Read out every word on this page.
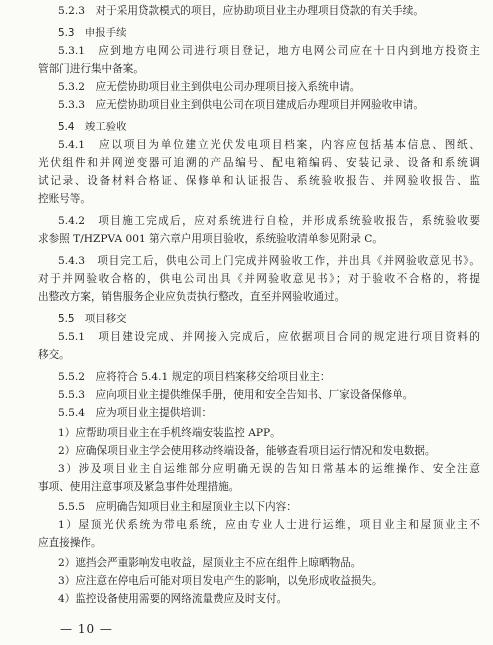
5.2.3　对于采用贷款模式的项目，应协助项目业主办理项目贷款的有关手续。
5.3　申报手续
5.3.1　应到地方电网公司进行项目登记，地方电网公司应在十日内到地方投资主
管部门进行集中备案。
5.3.2　应无偿协助项目业主到供电公司办理项目接入系统申请。
5.3.3　应无偿协助项目业主到供电公司在项目建成后办理项目并网验收申请。
5.4　竣工验收
5.4.1　应以项目为单位建立光伏发电项目档案，内容应包括基本信息、图纸、
光伏组件和并网逆变器可追溯的产品编号、配电箱编码、安装记录、设备和系统调
试记录、设备材料合格证、保修单和认证报告、系统验收报告、并网验收报告、监
控账号等。
5.4.2　项目施工完成后，应对系统进行自检，并形成系统验收报告，系统验收要
求参照 T/HZPVA 001 第六章户用项目验收，系统验收清单参见附录 C。
5.4.3　项目完工后，供电公司上门完成并网验收工作，并出具《并网验收意见书》。
对于并网验收合格的，供电公司出具《并网验收意见书》；对于验收不合格的，将提
出整改方案，销售服务企业应负责执行整改，直至并网验收通过。
5.5　项目移交
5.5.1　项目建设完成、并网接入完成后，应依据项目合同的规定进行项目资料的
移交。
5.5.2　应将符合 5.4.1 规定的项目档案移交给项目业主：
5.5.3　应向项目业主提供维保手册，使用和安全告知书、厂家设备保修单。
5.5.4　应为项目业主提供培训：
1）应帮助项目业主在手机终端安装监控 APP。
2）应确保项目业主学会使用移动终端设备，能够查看项目运行情况和发电数据。
3）涉及项目业主自运维部分应明确无误的告知日常基本的运维操作、安全注意
事项、使用注意事项及紧急事件处理措施。
5.5.5　应明确告知项目业主和屋顶业主以下内容：
1）屋顶光伏系统为带电系统，应由专业人士进行运维，项目业主和屋顶业主不
应直接操作。
2）遮挡会严重影响发电收益，屋顶业主不应在组件上晾晒物品。
3）应注意在停电后可能对项目发电产生的影响，以免形成收益损失。
4）监控设备使用需要的网络流量费应及时支付。
— 10 —
